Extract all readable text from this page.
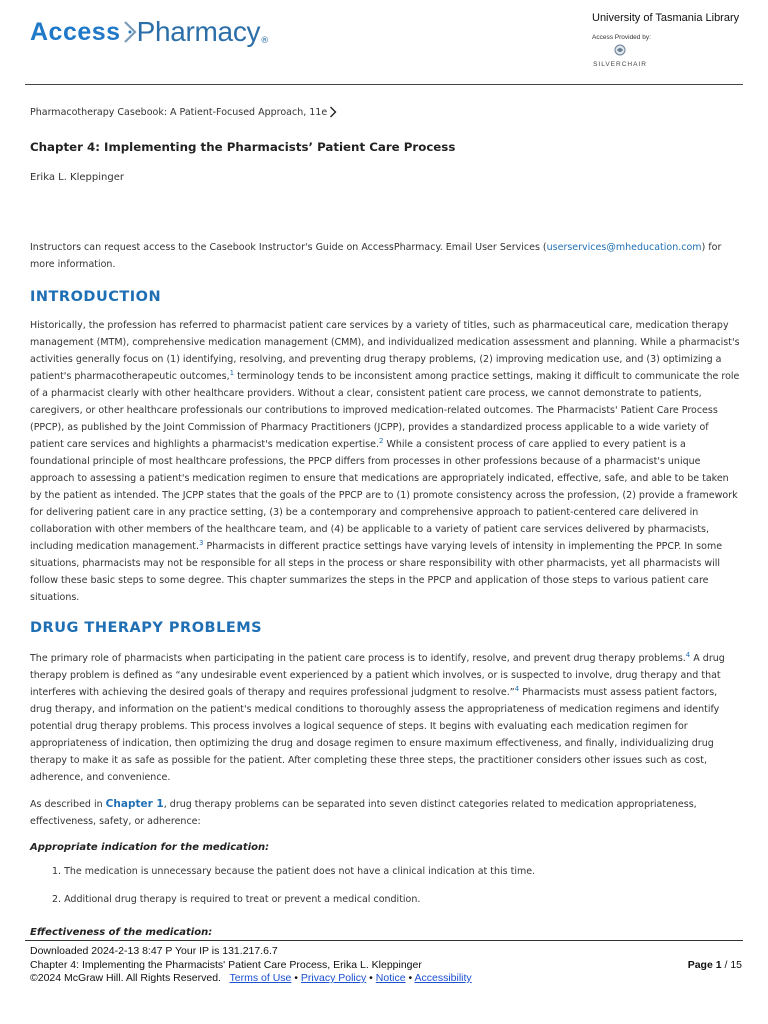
Access Pharmacy ®
University of Tasmania Library
Access Provided by:
SILVERCHAIR
Pharmacotherapy Casebook: A Patient-Focused Approach, 11e
Chapter 4: Implementing the Pharmacists’ Patient Care Process
Erika L. Kleppinger

Instructors can request access to the Casebook Instructor's Guide on AccessPharmacy. Email User Services (userservices@mheducation.com) for more information.

INTRODUCTION

Historically, the profession has referred to pharmacist patient care services by a variety of titles, such as pharmaceutical care, medication therapy management (MTM), comprehensive medication management (CMM), and individualized medication assessment and planning. While a pharmacist's activities generally focus on (1) identifying, resolving, and preventing drug therapy problems, (2) improving medication use, and (3) optimizing a patient's pharmacotherapeutic outcomes,$^1$ terminology tends to be inconsistent among practice settings, making it difficult to communicate the role of a pharmacist clearly with other healthcare providers. Without a clear, consistent patient care process, we cannot demonstrate to patients, caregivers, or other healthcare professionals our contributions to improved medication-related outcomes. The Pharmacists' Patient Care Process (PPCP), as published by the Joint Commission of Pharmacy Practitioners (JCPP), provides a standardized process applicable to a wide variety of patient care services and highlights a pharmacist's medication expertise.$^2$ While a consistent process of care applied to every patient is a foundational principle of most healthcare professions, the PPCP differs from processes in other professions because of a pharmacist's unique approach to assessing a patient's medication regimen to ensure that medications are appropriately indicated, effective, safe, and able to be taken by the patient as intended. The JCPP states that the goals of the PPCP are to (1) promote consistency across the profession, (2) provide a framework for delivering patient care in any practice setting, (3) be a contemporary and comprehensive approach to patient-centered care delivered in collaboration with other members of the healthcare team, and (4) be applicable to a variety of patient care services delivered by pharmacists, including medication management.$^3$ Pharmacists in different practice settings have varying levels of intensity in implementing the PPCP. In some situations, pharmacists may not be responsible for all steps in the process or share responsibility with other pharmacists, yet all pharmacists will follow these basic steps to some degree. This chapter summarizes the steps in the PPCP and application of those steps to various patient care situations.

DRUG THERAPY PROBLEMS

The primary role of pharmacists when participating in the patient care process is to identify, resolve, and prevent drug therapy problems.$^4$ A drug therapy problem is defined as “any undesirable event experienced by a patient which involves, or is suspected to involve, drug therapy and that interferes with achieving the desired goals of therapy and requires professional judgment to resolve.”$^4$ Pharmacists must assess patient factors, drug therapy, and information on the patient's medical conditions to thoroughly assess the appropriateness of medication regimens and identify potential drug therapy problems. This process involves a logical sequence of steps. It begins with evaluating each medication regimen for appropriateness of indication, then optimizing the drug and dosage regimen to ensure maximum effectiveness, and finally, individualizing drug therapy to make it as safe as possible for the patient. After completing these three steps, the practitioner considers other issues such as cost, adherence, and convenience.

As described in Chapter 1, drug therapy problems can be separated into seven distinct categories related to medication appropriateness, effectiveness, safety, or adherence:

Appropriate indication for the medication:
1. The medication is unnecessary because the patient does not have a clinical indication at this time.
2. Additional drug therapy is required to treat or prevent a medical condition.
Effectiveness of the medication:
Downloaded 2024-2-13 8:47 P Your IP is 131.217.6.7
Chapter 4: Implementing the Pharmacists' Patient Care Process, Erika L. Kleppinger
©2024 McGraw Hill. All Rights Reserved. Terms of Use • Privacy Policy • Notice • Accessibility
Page 1 / 15
